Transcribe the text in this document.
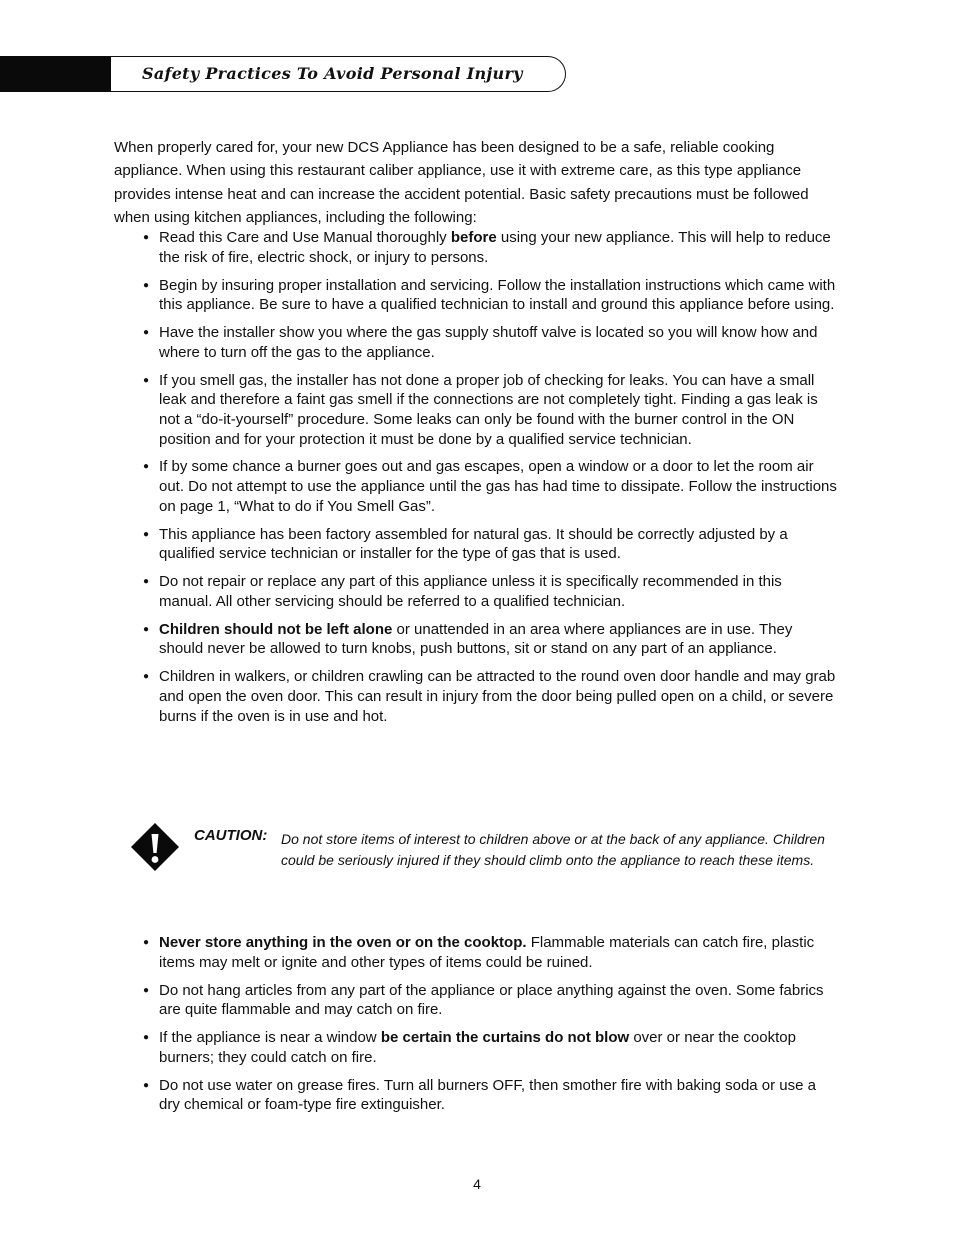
Safety Practices To Avoid Personal Injury

When properly cared for, your new DCS Appliance has been designed to be a safe, reliable cooking appliance. When using this restaurant caliber appliance, use it with extreme care, as this type appliance provides intense heat and can increase the accident potential. Basic safety precautions must be followed when using kitchen appliances, including the following:

● Read this Care and Use Manual thoroughly before using your new appliance. This will help to reduce the risk of fire, electric shock, or injury to persons.
● Begin by insuring proper installation and servicing. Follow the installation instructions which came with this appliance. Be sure to have a qualified technician to install and ground this appliance before using.
● Have the installer show you where the gas supply shutoff valve is located so you will know how and where to turn off the gas to the appliance.
● If you smell gas, the installer has not done a proper job of checking for leaks. You can have a small leak and therefore a faint gas smell if the connections are not completely tight. Finding a gas leak is not a “do-it-yourself” procedure. Some leaks can only be found with the burner control in the ON position and for your protection it must be done by a qualified service technician.
● If by some chance a burner goes out and gas escapes, open a window or a door to let the room air out. Do not attempt to use the appliance until the gas has had time to dissipate. Follow the instructions on page 1, “What to do if You Smell Gas”.
● This appliance has been factory assembled for natural gas. It should be correctly adjusted by a qualified service technician or installer for the type of gas that is used.
● Do not repair or replace any part of this appliance unless it is specifically recommended in this manual. All other servicing should be referred to a qualified technician.
● Children should not be left alone or unattended in an area where appliances are in use. They should never be allowed to turn knobs, push buttons, sit or stand on any part of an appliance.
● Children in walkers, or children crawling can be attracted to the round oven door handle and may grab and open the oven door. This can result in injury from the door being pulled open on a child, or severe burns if the oven is in use and hot.
CAUTION: Do not store items of interest to children above or at the back of any appliance. Children could be seriously injured if they should climb onto the appliance to reach these items.

● Never store anything in the oven or on the cooktop. Flammable materials can catch fire, plastic items may melt or ignite and other types of items could be ruined.
● Do not hang articles from any part of the appliance or place anything against the oven. Some fabrics are quite flammable and may catch on fire.
● If the appliance is near a window be certain the curtains do not blow over or near the cooktop burners; they could catch on fire.
● Do not use water on grease fires. Turn all burners OFF, then smother fire with baking soda or use a dry chemical or foam-type fire extinguisher.
4
